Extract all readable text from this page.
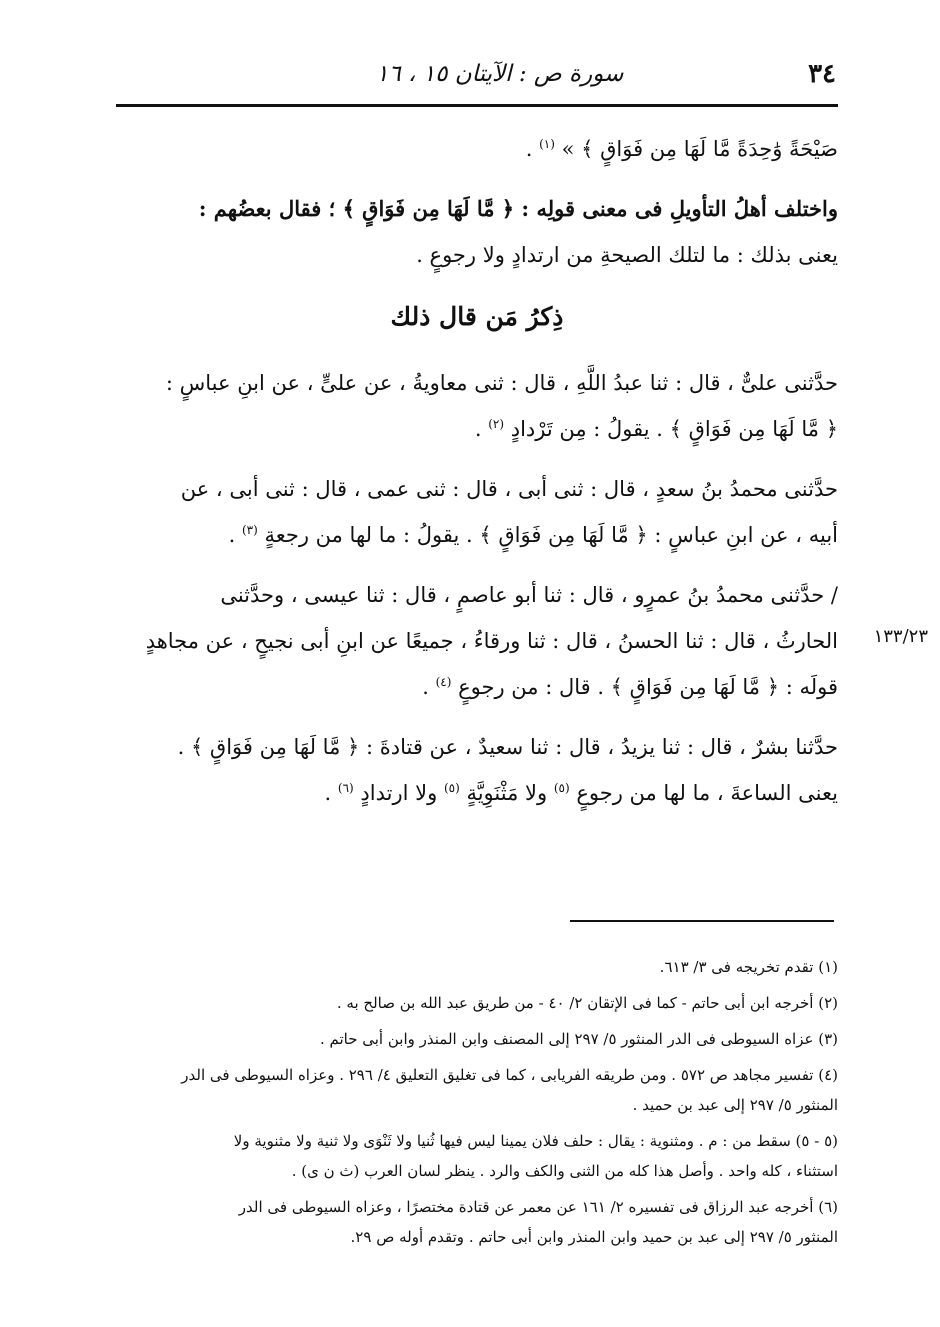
٣٤
سورة ص : الآيتان ١٥ ، ١٦

صَيْحَةً وَٰحِدَةً مَّا لَهَا مِن فَوَاقٍ ﴾ » $^{(١)}$ .

واختلف أهلُ التأويلِ فى معنى قولِه : ﴿ مَّا لَهَا مِن فَوَاقٍ ﴾ ؛ فقال بعضُهم :
يعنى بذلك : ما لتلك الصيحةِ من ارتدادٍ ولا رجوعٍ .

ذِكرُ مَن قال ذلك

حدَّثنى علىٌّ ، قال : ثنا عبدُ اللَّهِ ، قال : ثنى معاويةُ ، عن علىٍّ ، عن ابنِ عباسٍ :
﴿ مَّا لَهَا مِن فَوَاقٍ ﴾ . يقولُ : مِن تَرْدادٍ $^{(٢)}$ .

حدَّثنى محمدُ بنُ سعدٍ ، قال : ثنى أبى ، قال : ثنى عمى ، قال : ثنى أبى ، عن
أبيه ، عن ابنِ عباسٍ : ﴿ مَّا لَهَا مِن فَوَاقٍ ﴾ . يقولُ : ما لها من رجعةٍ $^{(٣)}$ .

/ حدَّثنى محمدُ بنُ عمرٍو ، قال : ثنا أبو عاصمٍ ، قال : ثنا عيسى ، وحدَّثنى
الحارثُ ، قال : ثنا الحسنُ ، قال : ثنا ورقاءُ ، جميعًا عن ابنِ أبى نجيحٍ ، عن مجاهدٍ
قولَه : ﴿ مَّا لَهَا مِن فَوَاقٍ ﴾ . قال : من رجوعٍ $^{(٤)}$ .

حدَّثنا بشرٌ ، قال : ثنا يزيدُ ، قال : ثنا سعيدٌ ، عن قتادةَ : ﴿ مَّا لَهَا مِن فَوَاقٍ ﴾ .
يعنى الساعةَ ، ما لها من رجوعٍ $^{(٥)}$ ولا مَثْنَوِيَّةٍ $^{(٥)}$ ولا ارتدادٍ $^{(٦)}$ .

١٣٣/٢٣

(١) تقدم تخريجه فى ٣/ ٦١٣.

(٢) أخرجه ابن أبى حاتم - كما فى الإتقان ٢/ ٤٠ - من طريق عبد الله بن صالح به .

(٣) عزاه السيوطى فى الدر المنثور ٥/ ٢٩٧ إلى المصنف وابن المنذر وابن أبى حاتم .

(٤) تفسير مجاهد ص ٥٧٢ . ومن طريقه الفريابى ، كما فى تغليق التعليق ٤/ ٢٩٦ . وعزاه السيوطى فى الدر
المنثور ٥/ ٢٩٧ إلى عبد بن حميد .

(٥ - ٥) سقط من : م . ومثنوية : يقال : حلف فلان يمينا ليس فيها ثُنيا ولا ثَنْوَى ولا ثنية ولا مثنوية ولا
استثناء ، كله واحد . وأصل هذا كله من الثنى والكف والرد . ينظر لسان العرب (ث ن ى) .

(٦) أخرجه عبد الرزاق فى تفسيره ٢/ ١٦١ عن معمر عن قتادة مختصرًا ، وعزاه السيوطى فى الدر
المنثور ٥/ ٢٩٧ إلى عبد بن حميد وابن المنذر وابن أبى حاتم . وتقدم أوله ص ٢٩.
